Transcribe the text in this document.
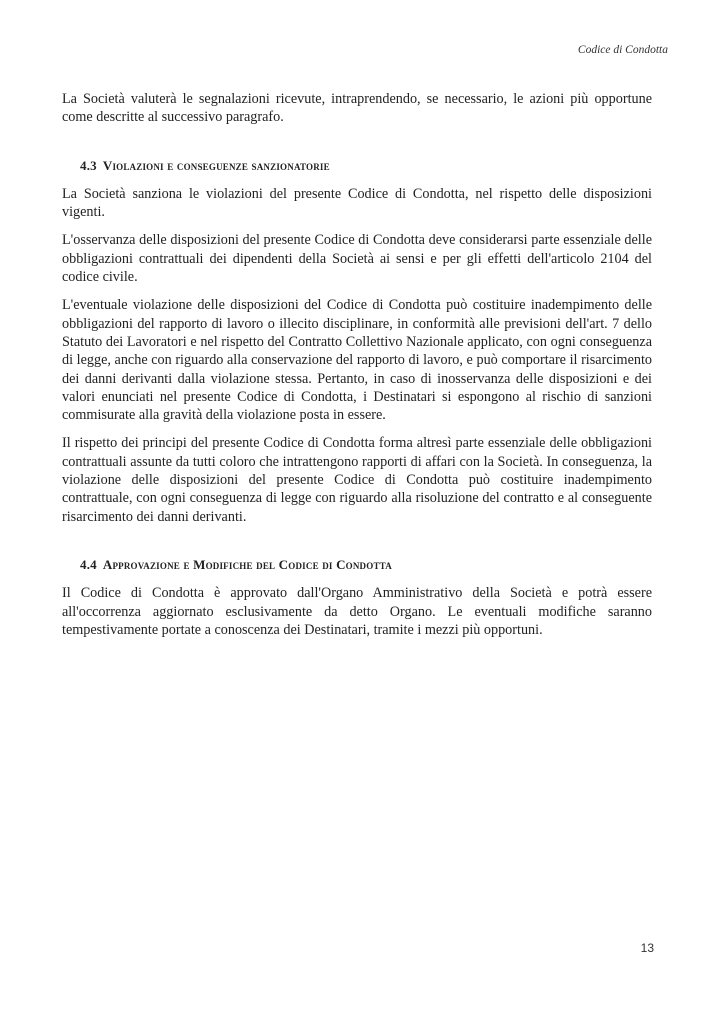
Codice di Condotta

La Società valuterà le segnalazioni ricevute, intraprendendo, se necessario, le azioni più opportune come descritte al successivo paragrafo.

4.3 Violazioni e conseguenze sanzionatorie

La Società sanziona le violazioni del presente Codice di Condotta, nel rispetto delle disposizioni vigenti.

L'osservanza delle disposizioni del presente Codice di Condotta deve considerarsi parte essenziale delle obbligazioni contrattuali dei dipendenti della Società ai sensi e per gli effetti dell'articolo 2104 del codice civile.

L'eventuale violazione delle disposizioni del Codice di Condotta può costituire inadempimento delle obbligazioni del rapporto di lavoro o illecito disciplinare, in conformità alle previsioni dell'art. 7 dello Statuto dei Lavoratori e nel rispetto del Contratto Collettivo Nazionale applicato, con ogni conseguenza di legge, anche con riguardo alla conservazione del rapporto di lavoro, e può comportare il risarcimento dei danni derivanti dalla violazione stessa. Pertanto, in caso di inosservanza delle disposizioni e dei valori enunciati nel presente Codice di Condotta, i Destinatari si espongono al rischio di sanzioni commisurate alla gravità della violazione posta in essere.

Il rispetto dei principi del presente Codice di Condotta forma altresì parte essenziale delle obbligazioni contrattuali assunte da tutti coloro che intrattengono rapporti di affari con la Società. In conseguenza, la violazione delle disposizioni del presente Codice di Condotta può costituire inadempimento contrattuale, con ogni conseguenza di legge con riguardo alla risoluzione del contratto e al conseguente risarcimento dei danni derivanti.

4.4 Approvazione e Modifiche del Codice di Condotta

Il Codice di Condotta è approvato dall'Organo Amministrativo della Società e potrà essere all'occorrenza aggiornato esclusivamente da detto Organo. Le eventuali modifiche saranno tempestivamente portate a conoscenza dei Destinatari, tramite i mezzi più opportuni.

13
